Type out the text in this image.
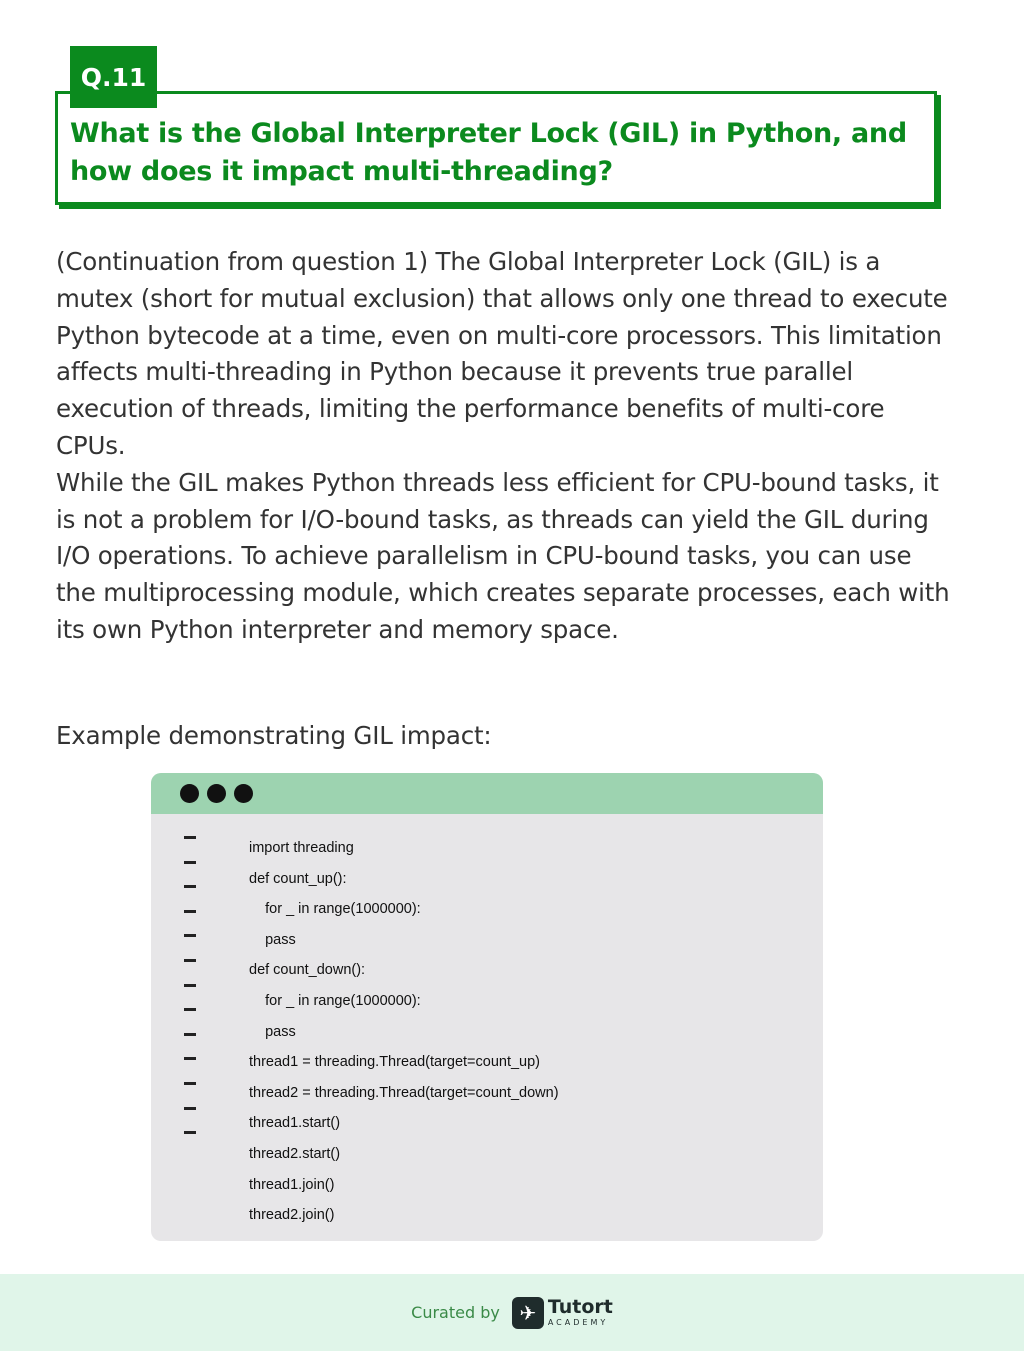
Q.11
What is the Global Interpreter Lock (GIL) in Python, and how does it impact multi-threading?

(Continuation from question 1) The Global Interpreter Lock (GIL) is a mutex (short for mutual exclusion) that allows only one thread to execute Python bytecode at a time, even on multi-core processors. This limitation affects multi-threading in Python because it prevents true parallel execution of threads, limiting the performance benefits of multi-core CPUs.

While the GIL makes Python threads less efficient for CPU-bound tasks, it is not a problem for I/O-bound tasks, as threads can yield the GIL during I/O operations. To achieve parallelism in CPU-bound tasks, you can use the multiprocessing module, which creates separate processes, each with its own Python interpreter and memory space.

Example demonstrating GIL impact:
import threading
def count_up():
for _ in range(1000000):
pass
def count_down():
for _ in range(1000000):
pass
thread1 = threading.Thread(target=count_up)
thread2 = threading.Thread(target=count_down)
thread1.start()
thread2.start()
thread1.join()
thread2.join()
Curated by ✈ Tutort
ACADEMY
